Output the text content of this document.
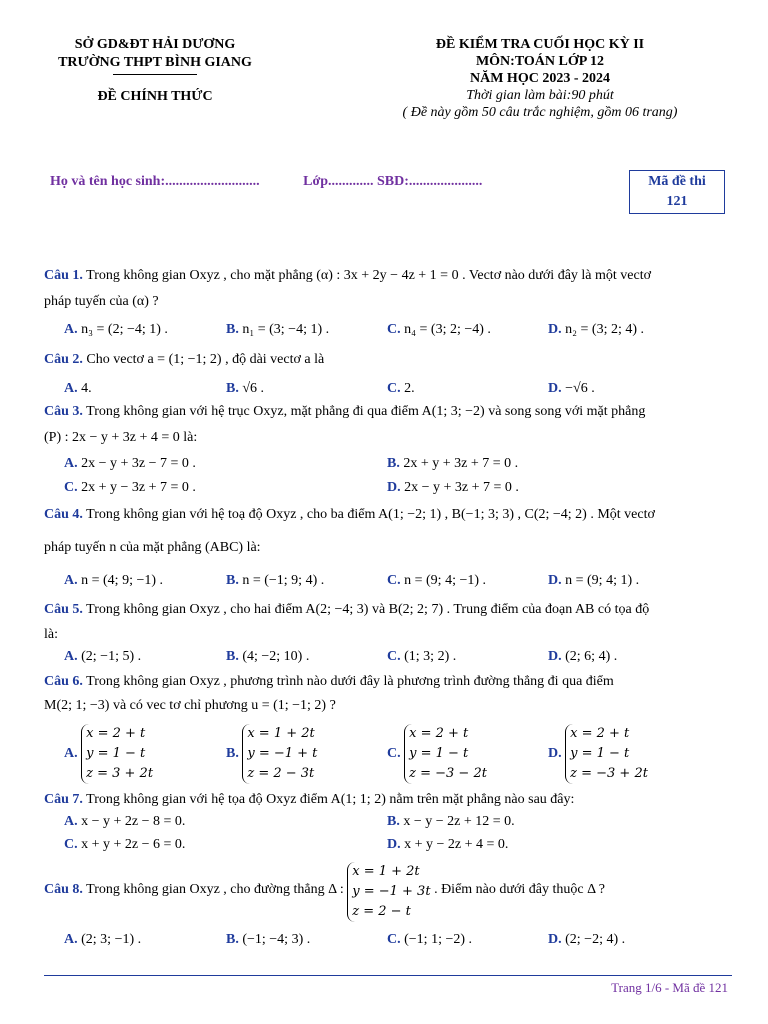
SỞ GD&ĐT HẢI DƯƠNG
TRƯỜNG THPT BÌNH GIANG
ĐỀ CHÍNH THỨC
ĐỀ KIỂM TRA CUỐI HỌC KỲ II
MÔN:TOÁN LỚP 12
NĂM HỌC 2023 - 2024
Thời gian làm bài:90 phút
( Đề này gồm 50 câu trắc nghiệm, gồm 06 trang)
Họ và tên học sinh:...........................	Lớp............. SBD:.....................	Mã đề thi
121
Câu 1. Trong không gian Oxyz , cho mặt phẳng (α) : 3x + 2y − 4z + 1 = 0 . Vectơ nào dưới đây là một vectơ
pháp tuyến của (α) ?
A. n₃ = (2; −4; 1) .	B. n₁ = (3; −4; 1) .	C. n₄ = (3; 2; −4) .	D. n₂ = (3; 2; 4) .
Câu 2. Cho vectơ a = (1; −1; 2) , độ dài vectơ a là
A. 4.	B. √6 .	C. 2.	D. −√6 .
Câu 3. Trong không gian với hệ trục Oxyz, mặt phẳng đi qua điểm A(1; 3; −2) và song song với mặt phẳng
(P) : 2x − y + 3z + 4 = 0 là:
A. 2x − y + 3z − 7 = 0 .	B. 2x + y + 3z + 7 = 0 .
C. 2x + y − 3z + 7 = 0 .	D. 2x − y + 3z + 7 = 0 .
Câu 4. Trong không gian với hệ toạ độ Oxyz , cho ba điểm A(1; −2; 1) , B(−1; 3; 3) , C(2; −4; 2) . Một vectơ
pháp tuyến n của mặt phẳng (ABC) là:
A. n = (4; 9; −1) .	B. n = (−1; 9; 4) .	C. n = (9; 4; −1) .	D. n = (9; 4; 1) .
Câu 5. Trong không gian Oxyz , cho hai điểm A(2; −4; 3) và B(2; 2; 7) . Trung điểm của đoạn AB có tọa độ
là:
A. (2; −1; 5) .	B. (4; −2; 10) .	C. (1; 3; 2) .	D. (2; 6; 4) .
Câu 6. Trong không gian Oxyz , phương trình nào dưới đây là phương trình đường thẳng đi qua điểm
M(2; 1; −3) và có vec tơ chỉ phương u = (1; −1; 2) ?
A.
x = 2 + t
y = 1 − t
z = 3 + 2t
B.
x = 1 + 2t
y = −1 + t
z = 2 − 3t
C.
x = 2 + t
y = 1 − t
z = −3 − 2t
D.
x = 2 + t
y = 1 − t
z = −3 + 2t
Câu 7. Trong không gian với hệ tọa độ Oxyz điểm A(1; 1; 2) nằm trên mặt phẳng nào sau đây:
A. x − y + 2z − 8 = 0.	B. x − y − 2z + 12 = 0.
C. x + y + 2z − 6 = 0.	D. x + y − 2z + 4 = 0.
Câu 8. Trong không gian Oxyz , cho đường thẳng Δ :
x = 1 + 2t
y = −1 + 3t
z = 2 − t
. Điểm nào dưới đây thuộc Δ ?
A. (2; 3; −1) .	B. (−1; −4; 3) .	C. (−1; 1; −2) .	D. (2; −2; 4) .
Trang 1/6 - Mã đề 121
